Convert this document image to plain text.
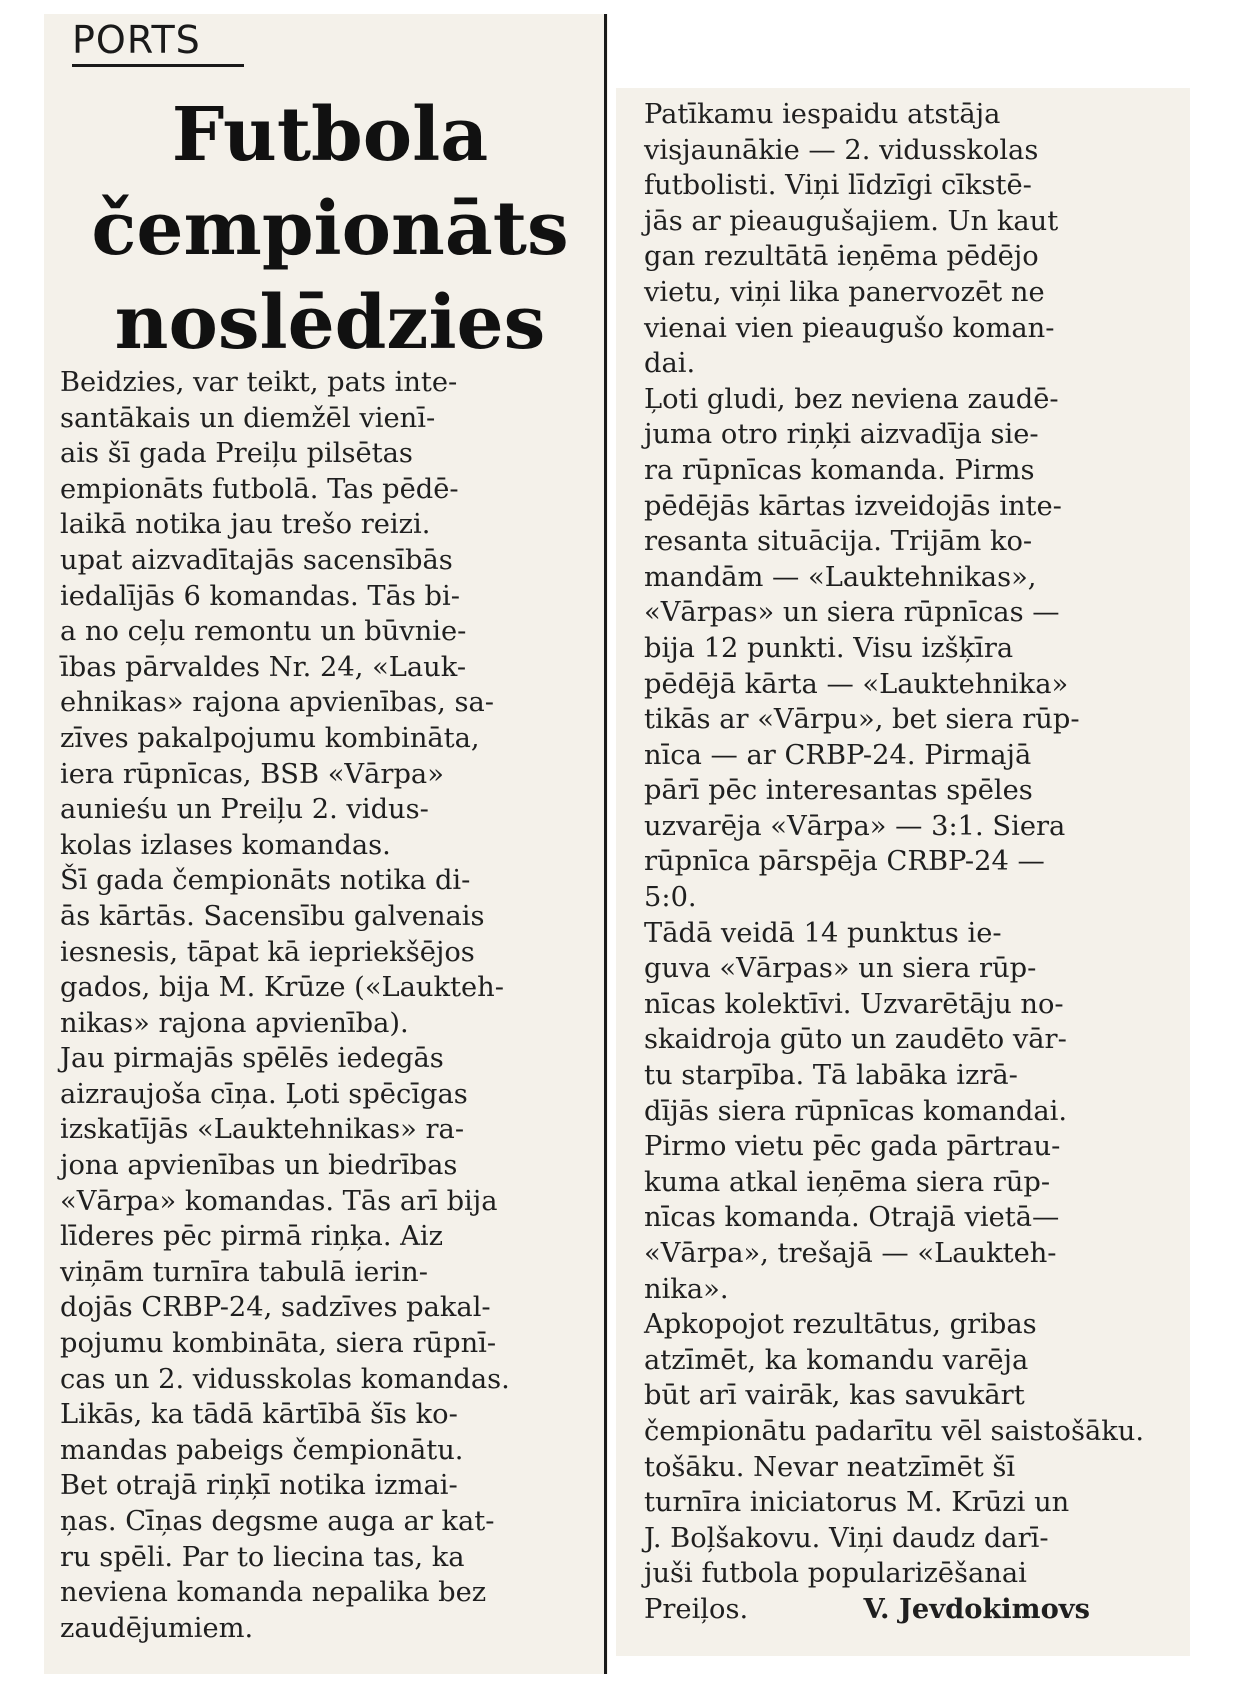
PORTS
Futbola
čempionāts
noslēdzies
Beidzies, var teikt, pats inte-
santākais un diemžēl vienī-
ais šī gada Preiļu pilsētas
empionāts futbolā. Tas pēdē-
laikā notika jau trešo reizi.
upat aizvadītajās sacensībās
iedalījās 6 komandas. Tās bi-
a no ceļu remontu un būvnie-
ības pārvaldes Nr. 24, «Lauk-
ehnikas» rajona apvienības, sa-
zīves pakalpojumu kombināta,
iera rūpnīcas, BSB «Vārpa»
aunieśu un Preiļu 2. vidus-
kolas izlases komandas.
Šī gada čempionāts notika di-
ās kārtās. Sacensību galvenais
iesnesis, tāpat kā iepriekšējos
gados, bija M. Krūze («Laukteh-
nikas» rajona apvienība).
Jau pirmajās spēlēs iedegās
aizraujoša cīņa. Ļoti spēcīgas
izskatījās «Lauktehnikas» ra-
jona apvienības un biedrības
«Vārpa» komandas. Tās arī bija
līderes pēc pirmā riņķa. Aiz
viņām turnīra tabulā ierin-
dojās CRBP-24, sadzīves pakal-
pojumu kombināta, siera rūpnī-
cas un 2. vidusskolas komandas.
Likās, ka tādā kārtībā šīs ko-
mandas pabeigs čempionātu.
Bet otrajā riņķī notika izmai-
ņas. Cīņas degsme auga ar kat-
ru spēli. Par to liecina tas, ka
neviena komanda nepalika bez
zaudējumiem.
Patīkamu iespaidu atstāja
visjaunākie — 2. vidusskolas
futbolisti. Viņi līdzīgi cīkstē-
jās ar pieaugušajiem. Un kaut
gan rezultātā ieņēma pēdējo
vietu, viņi lika panervozēt ne
vienai vien pieaugušo koman-
dai.
Ļoti gludi, bez neviena zaudē-
juma otro riņķi aizvadīja sie-
ra rūpnīcas komanda. Pirms
pēdējās kārtas izveidojās inte-
resanta situācija. Trijām ko-
mandām — «Lauktehnikas»,
«Vārpas» un siera rūpnīcas —
bija 12 punkti. Visu izšķīra
pēdējā kārta — «Lauktehnika»
tikās ar «Vārpu», bet siera rūp-
nīca — ar CRBP-24. Pirmajā
pārī pēc interesantas spēles
uzvarēja «Vārpa» — 3:1. Siera
rūpnīca pārspēja CRBP-24 —
5:0.
Tādā veidā 14 punktus ie-
guva «Vārpas» un siera rūp-
nīcas kolektīvi. Uzvarētāju no-
skaidroja gūto un zaudēto vār-
tu starpība. Tā labāka izrā-
dījās siera rūpnīcas komandai.
Pirmo vietu pēc gada pārtrau-
kuma atkal ieņēma siera rūp-
nīcas komanda. Otrajā vietā—
«Vārpa», trešajā — «Laukteh-
nika».
Apkopojot rezultātus, gribas
atzīmēt, ka komandu varēja
būt arī vairāk, kas savukārt
čempionātu padarītu vēl saistošāku.
tošāku. Nevar neatzīmēt šī
turnīra iniciatorus M. Krūzi un
J. Boļšakovu. Viņi daudz darī-
juši futbola popularizēšanai
Preiļos.	V. Jevdokimovs
